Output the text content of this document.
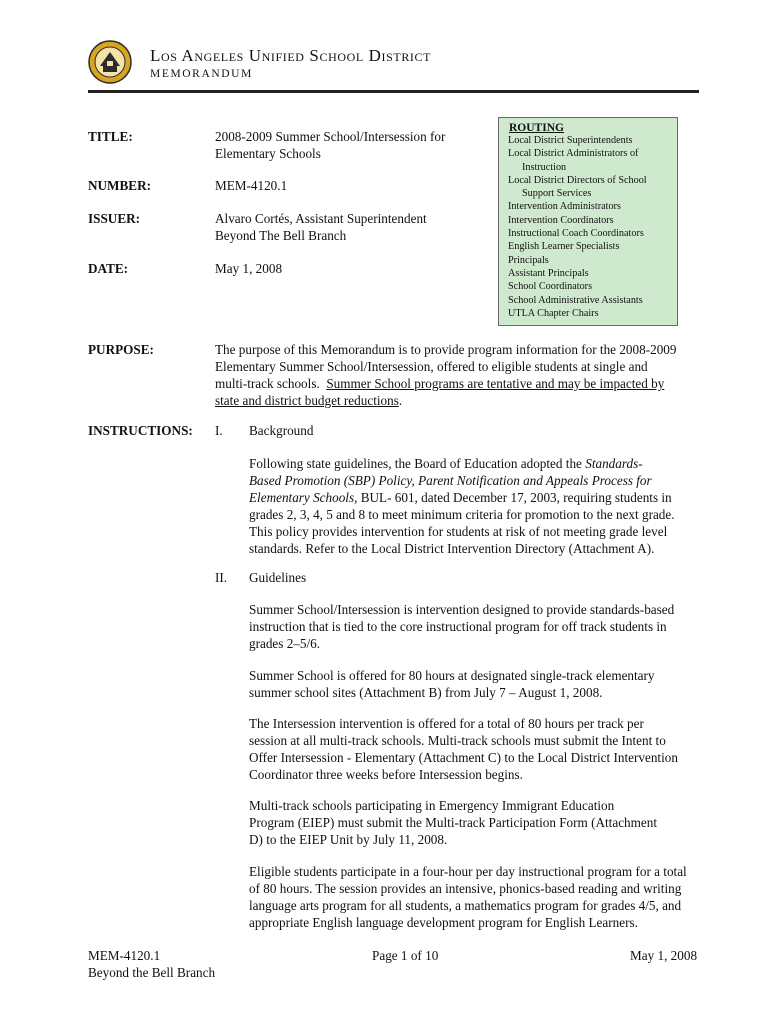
Los Angeles Unified School District
MEMORANDUM
TITLE:	2008-2009 Summer School/Intersession for
Elementary Schools
NUMBER:	MEM-4120.1
ISSUER:	Alvaro Cortés, Assistant Superintendent
Beyond The Bell Branch
DATE:	May 1, 2008
ROUTING
Local District Superintendents
Local District Administrators of
Instruction
Local District Directors of School
Support Services
Intervention Administrators
Intervention Coordinators
Instructional Coach Coordinators
English Learner Specialists
Principals
Assistant Principals
School Coordinators
School Administrative Assistants
UTLA Chapter Chairs
PURPOSE:	The purpose of this Memorandum is to provide program information for the 2008-2009
Elementary Summer School/Intersession, offered to eligible students at single and
multi-track schools.  Summer School programs are tentative and may be impacted by
state and district budget reductions.
INSTRUCTIONS: I. Background
Following state guidelines, the Board of Education adopted the Standards-
Based Promotion (SBP) Policy, Parent Notification and Appeals Process for
Elementary Schools, BUL- 601, dated December 17, 2003, requiring students in
grades 2, 3, 4, 5 and 8 to meet minimum criteria for promotion to the next grade.
This policy provides intervention for students at risk of not meeting grade level
standards. Refer to the Local District Intervention Directory (Attachment A).
II. Guidelines
Summer School/Intersession is intervention designed to provide standards-based
instruction that is tied to the core instructional program for off track students in
grades 2–5/6.
Summer School is offered for 80 hours at designated single-track elementary
summer school sites (Attachment B) from July 7 – August 1, 2008.
The Intersession intervention is offered for a total of 80 hours per track per
session at all multi-track schools. Multi-track schools must submit the Intent to
Offer Intersession - Elementary (Attachment C) to the Local District Intervention
Coordinator three weeks before Intersession begins.
Multi-track schools participating in Emergency Immigrant Education
Program (EIEP) must submit the Multi-track Participation Form (Attachment
D) to the EIEP Unit by July 11, 2008.
Eligible students participate in a four-hour per day instructional program for a total
of 80 hours. The session provides an intensive, phonics-based reading and writing
language arts program for all students, a mathematics program for grades 4/5, and
appropriate English language development program for English Learners.
MEM-4120.1
Beyond the Bell Branch
Page 1 of 10	May 1, 2008
